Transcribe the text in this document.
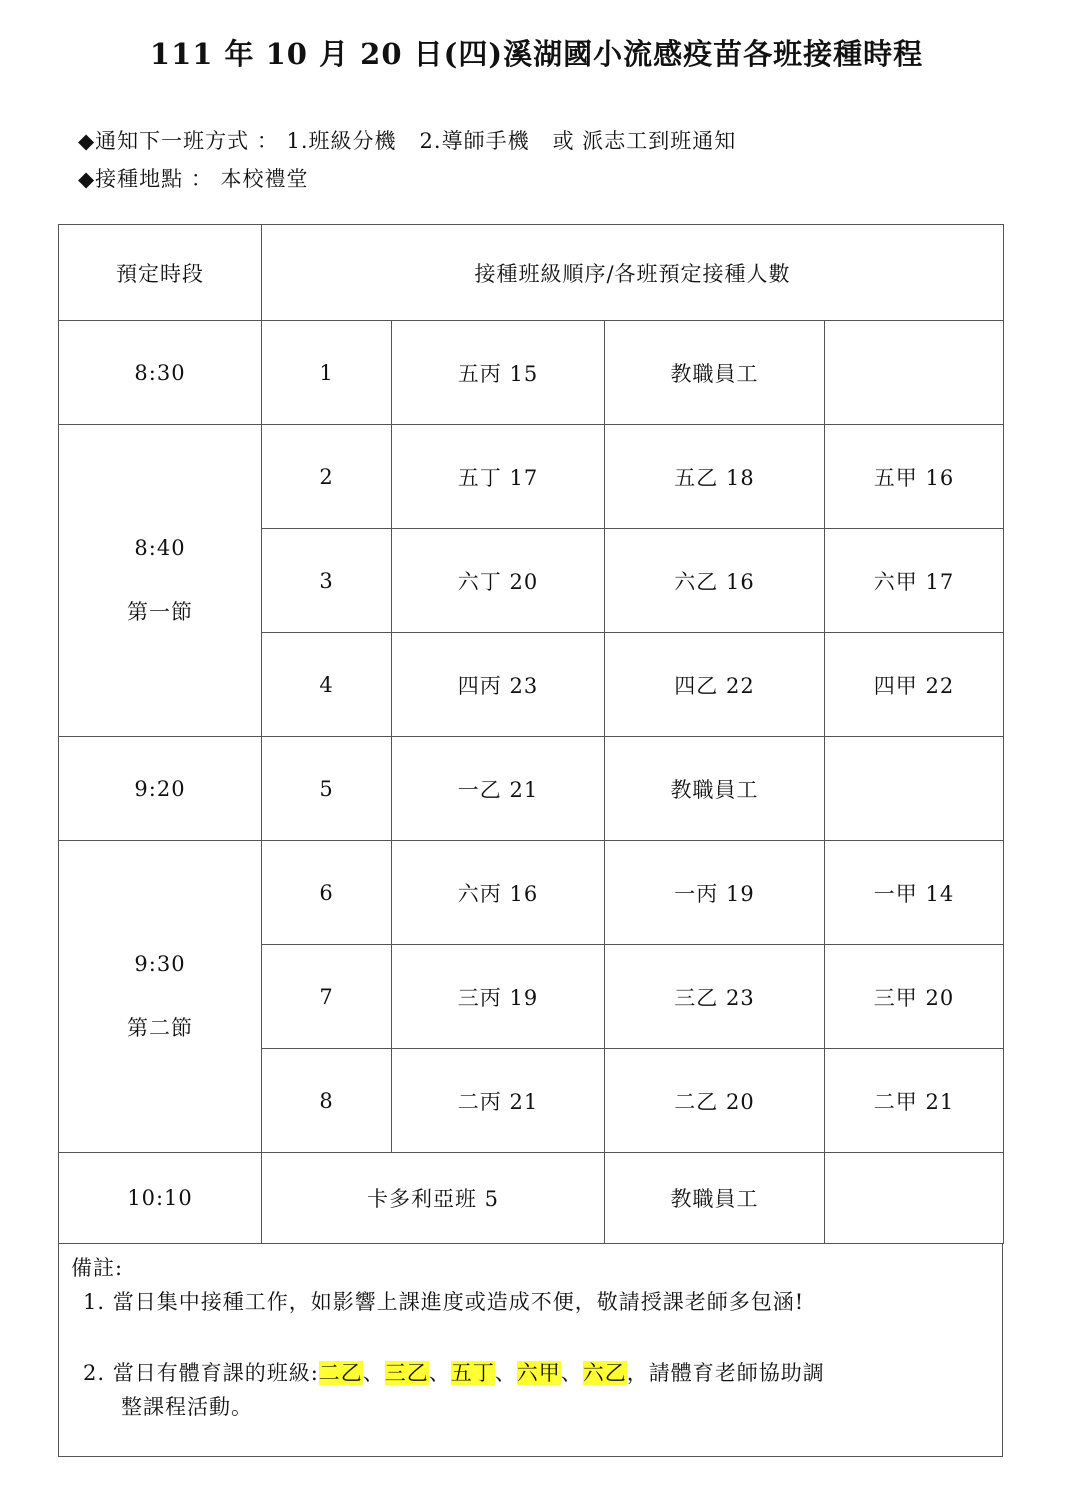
111 年 10 月 20 日(四)溪湖國小流感疫苗各班接種時程
◆通知下一班方式 ： 1.班級分機   2.導師手機   或 派志工到班通知
◆接種地點 ： 本校禮堂
預定時段	接種班級順序/各班預定接種人數			
8:30	1	五丙 15	教職員工	
8:40
第一節	2	五丁 17	五乙 18	五甲 16
	3	六丁 20	六乙 16	六甲 17
	4	四丙 23	四乙 22	四甲 22
9:20	5	一乙 21	教職員工	
9:30
第二節	6	六丙 16	一丙 19	一甲 14
	7	三丙 19	三乙 23	三甲 20
	8	二丙 21	二乙 20	二甲 21
10:10	卡多利亞班 5		教職員工	
備註:
1. 當日集中接種工作，如影響上課進度或造成不便，敬請授課老師多包涵!
2. 當日有體育課的班級:二乙、三乙、五丁、六甲、六乙，請體育老師協助調
整課程活動。
